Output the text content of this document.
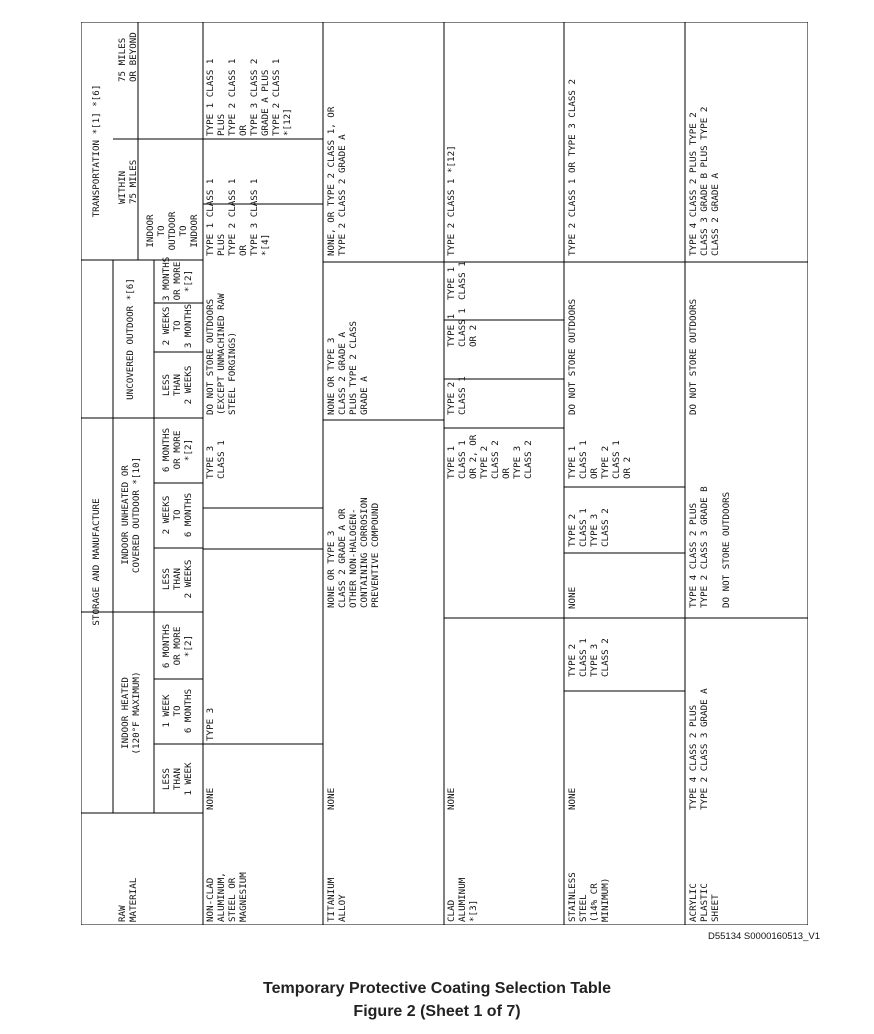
RAW
MATERIAL
STORAGE AND MANUFACTURE
TRANSPORTATION *[1] *[6]
INDOOR HEATED
(120°F MAXIMUM)
INDOOR UNHEATED OR
COVERED OUTDOOR *[10]
UNCOVERED OUTDOOR *[6]
LESS
THAN
1 WEEK
1 WEEK
TO
6 MONTHS
6 MONTHS
OR MORE
*[2]
LESS
THAN
2 WEEKS
2 WEEKS
TO
6 MONTHS
6 MONTHS
OR MORE
*[2]
LESS
THAN
2 WEEKS
2 WEEKS
TO
3 MONTHS
3 MONTHS
OR MORE
*[2]
INDOOR
TO
OUTDOOR
TO
INDOOR
WITHIN
75 MILES
75 MILES
OR BEYOND
NON-CLAD
ALUMINUM,
STEEL OR
MAGNESIUM
NONE
TYPE 3
TYPE 3
CLASS 1
DO NOT STORE OUTDOORS
(EXCEPT UNMACHINED RAW
STEEL FORGINGS)
TYPE 1 CLASS 1
PLUS
TYPE 2 CLASS 1
OR
TYPE 3 CLASS 1
*[4]
TYPE 1 CLASS 1
PLUS
TYPE 2 CLASS 1
OR
TYPE 3 CLASS 2
GRADE A PLUS
TYPE 2 CLASS 1
*[12]
TITANIUM
ALLOY
NONE
NONE OR TYPE 3
CLASS 2 GRADE A OR
OTHER NON-HALOGEN-
CONTAINING CORROSION
PREVENTIVE COMPOUND
NONE OR TYPE 3
CLASS 2 GRADE A
PLUS TYPE 2 CLASS
GRADE A
NONE, OR TYPE 2 CLASS 1, OR
TYPE 2 CLASS 2 GRADE A
CLAD
ALUMINUM
*[3]
NONE
TYPE 1
CLASS 1
OR 2, OR
TYPE 2
CLASS 2
OR
TYPE 3
CLASS 2
TYPE 2
CLASS 1
TYPE 1
CLASS 1
OR 2
TYPE 1
CLASS 1
TYPE 2 CLASS 1 *[12]
STAINLESS
STEEL
(14% CR
MINIMUM)
NONE
TYPE 2
CLASS 1
TYPE 3
CLASS 2
NONE
TYPE 2
CLASS 1
TYPE 3
CLASS 2
TYPE 1
CLASS 1
OR
TYPE 2
CLASS 1
OR 2
DO NOT STORE OUTDOORS
TYPE 2 CLASS 1 OR TYPE 3 CLASS 2
ACRYLIC
PLASTIC
SHEET
TYPE 4 CLASS 2 PLUS
TYPE 2 CLASS 3 GRADE A
TYPE 4 CLASS 2 PLUS
TYPE 2 CLASS 3 GRADE B

DO NOT STORE OUTDOORS
DO NOT STORE OUTDOORS
TYPE 4 CLASS 2 PLUS TYPE 2
CLASS 3 GRADE B PLUS TYPE 2
CLASS 2 GRADE A
D55134 S0000160513_V1
Temporary Protective Coating Selection Table
Figure 2 (Sheet 1 of 7)
